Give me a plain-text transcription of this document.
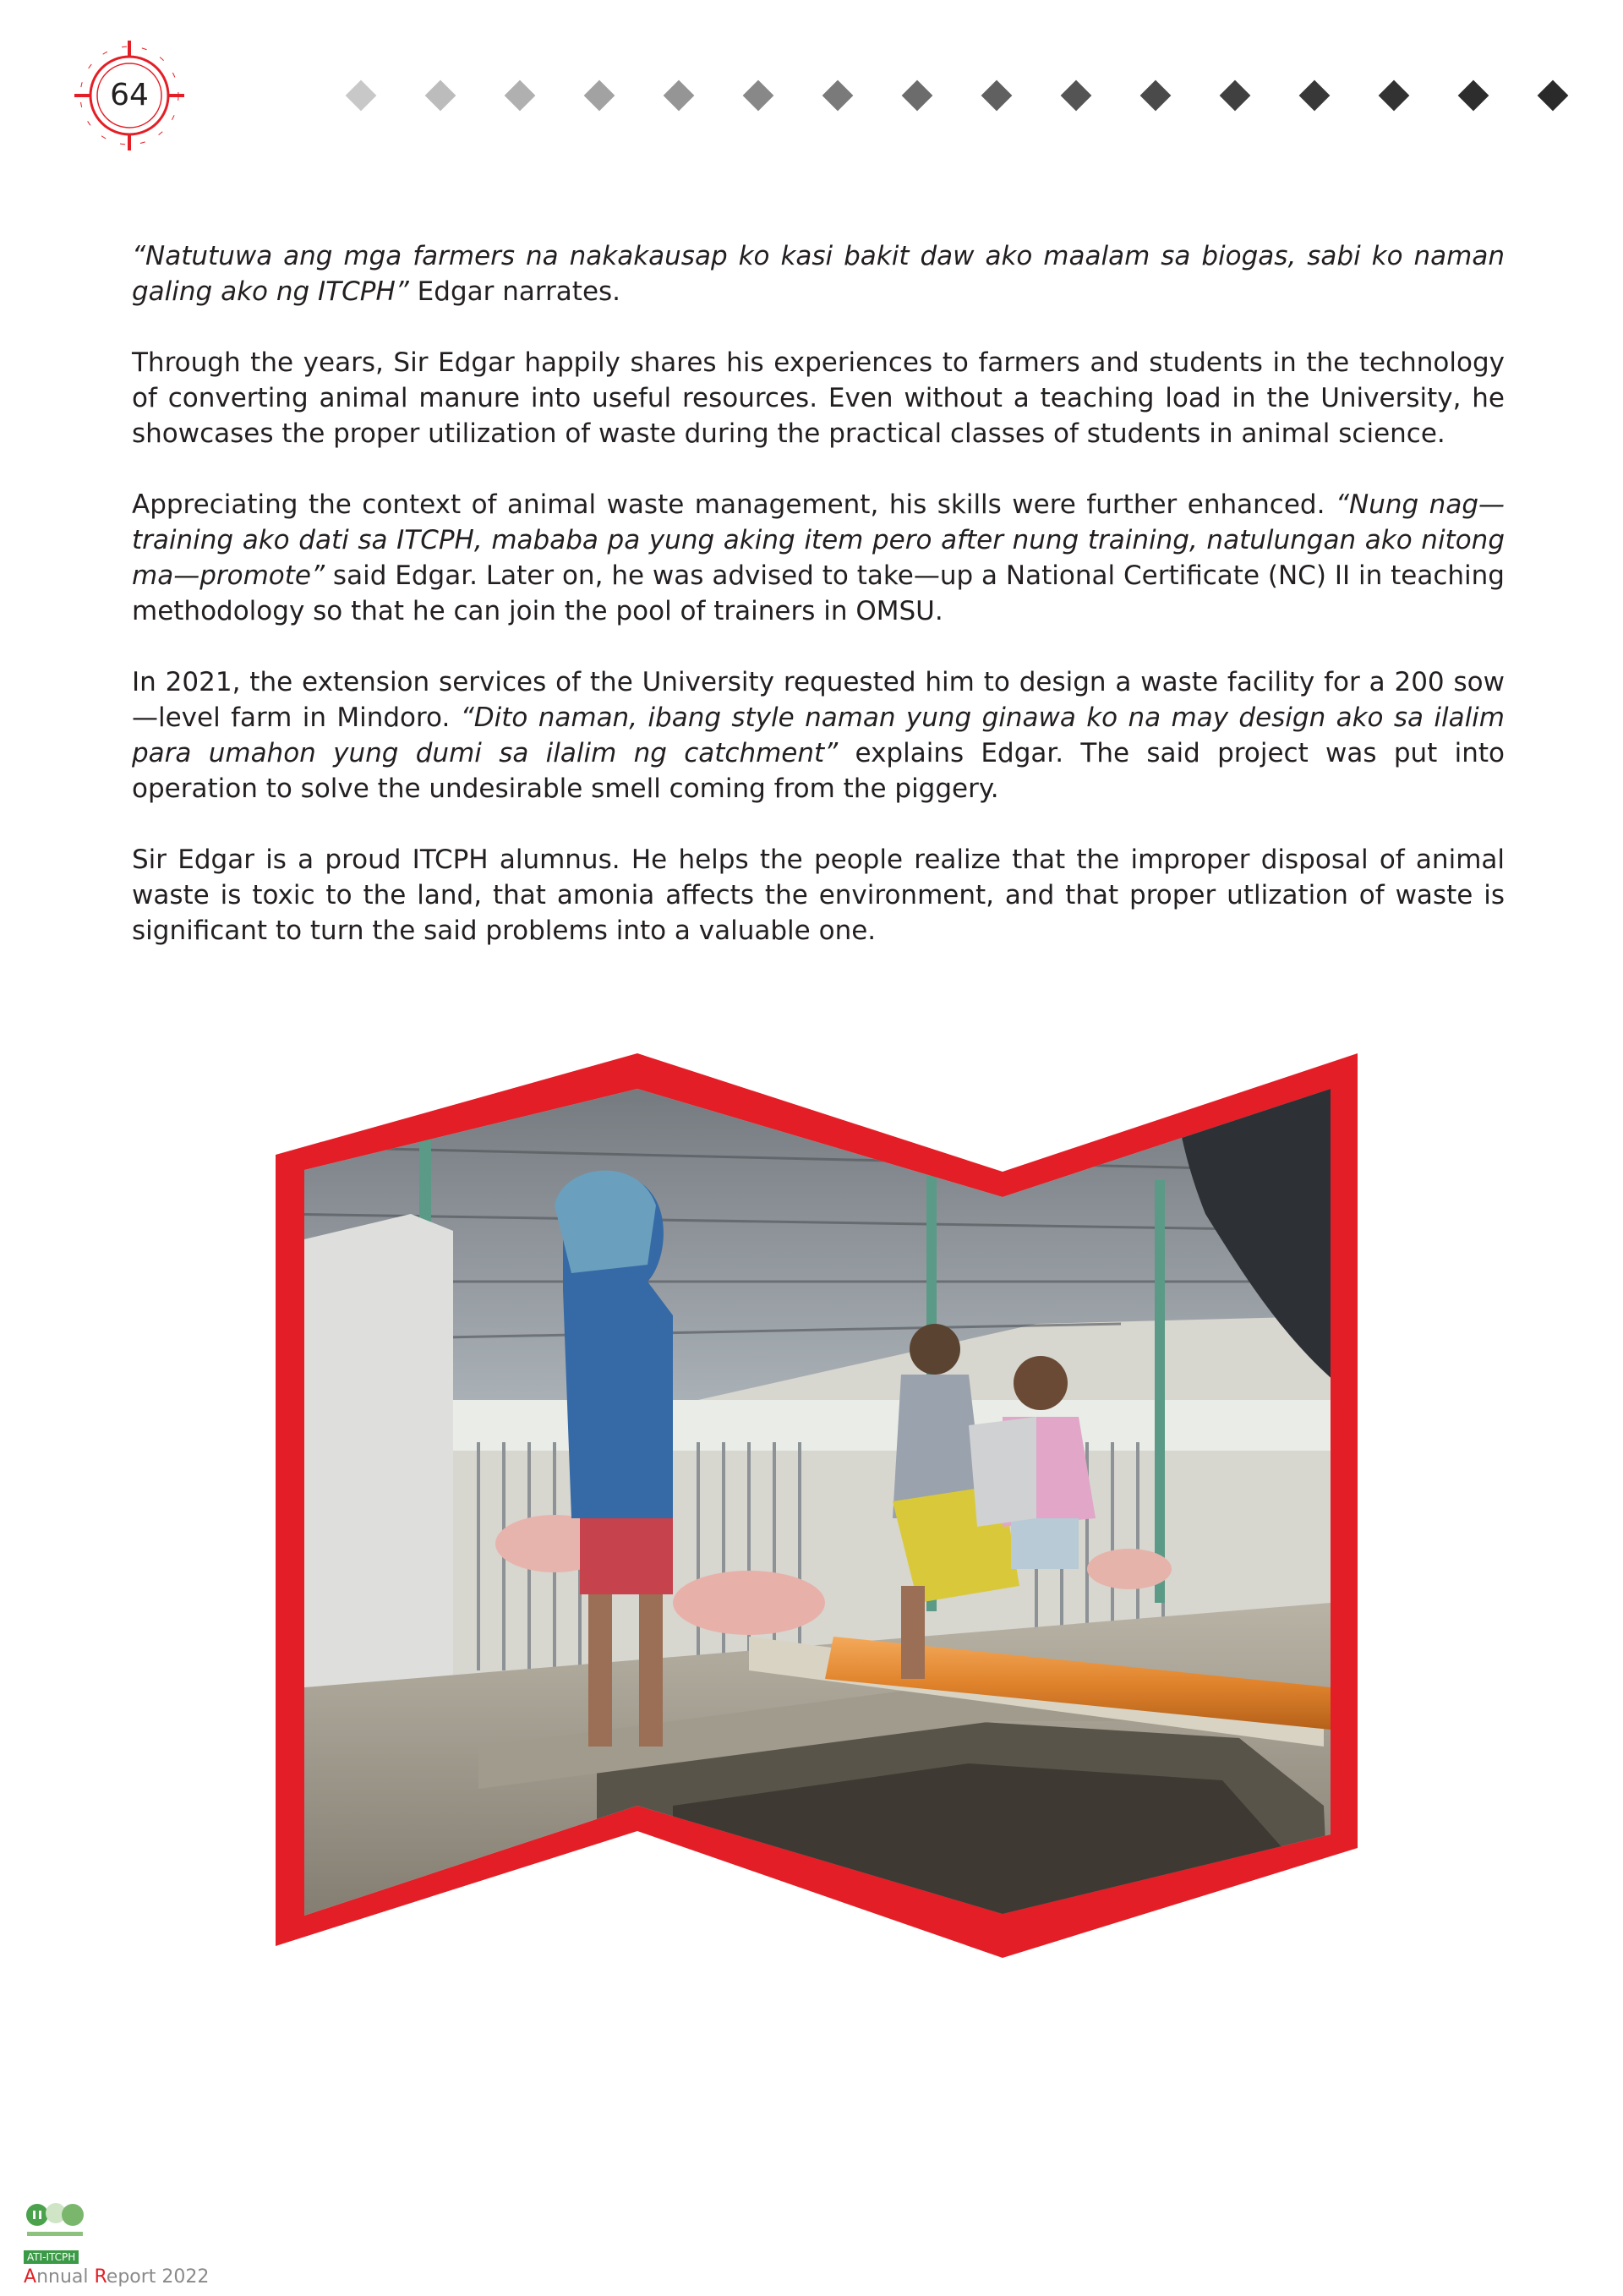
64

“Natutuwa ang mga farmers na nakakausap ko kasi bakit daw ako maalam sa biogas, sabi ko naman galing ako ng ITCPH” Edgar narrates.

Through the years, Sir Edgar happily shares his experiences to farmers and students in the technology of converting animal manure into useful resources. Even without a teaching load in the University, he showcases the proper utilization of waste during the practical classes of students in animal science.

Appreciating the context of animal waste management, his skills were further enhanced. “Nung nag—training ako dati sa ITCPH, mababa pa yung aking item pero after nung training, natulungan ako nitong ma—promote” said Edgar. Later on, he was advised to take—up a National Certificate (NC) II in teaching methodology so that he can join the pool of trainers in OMSU.

In 2021, the extension services of the University requested him to design a waste facility for a 200 sow—level farm in Mindoro. “Dito naman, ibang style naman yung ginawa ko na may design ako sa ilalim para umahon yung dumi sa ilalim ng catchment” explains Edgar. The said project was put into operation to solve the undesirable smell coming from the piggery.

Sir Edgar is a proud ITCPH alumnus. He helps the people realize that the improper disposal of animal waste is toxic to the land, that amonia affects the environment, and that proper utlization of waste is significant to turn the said problems into a valuable one.

ATI-ITCPH
Annual Report 2022
